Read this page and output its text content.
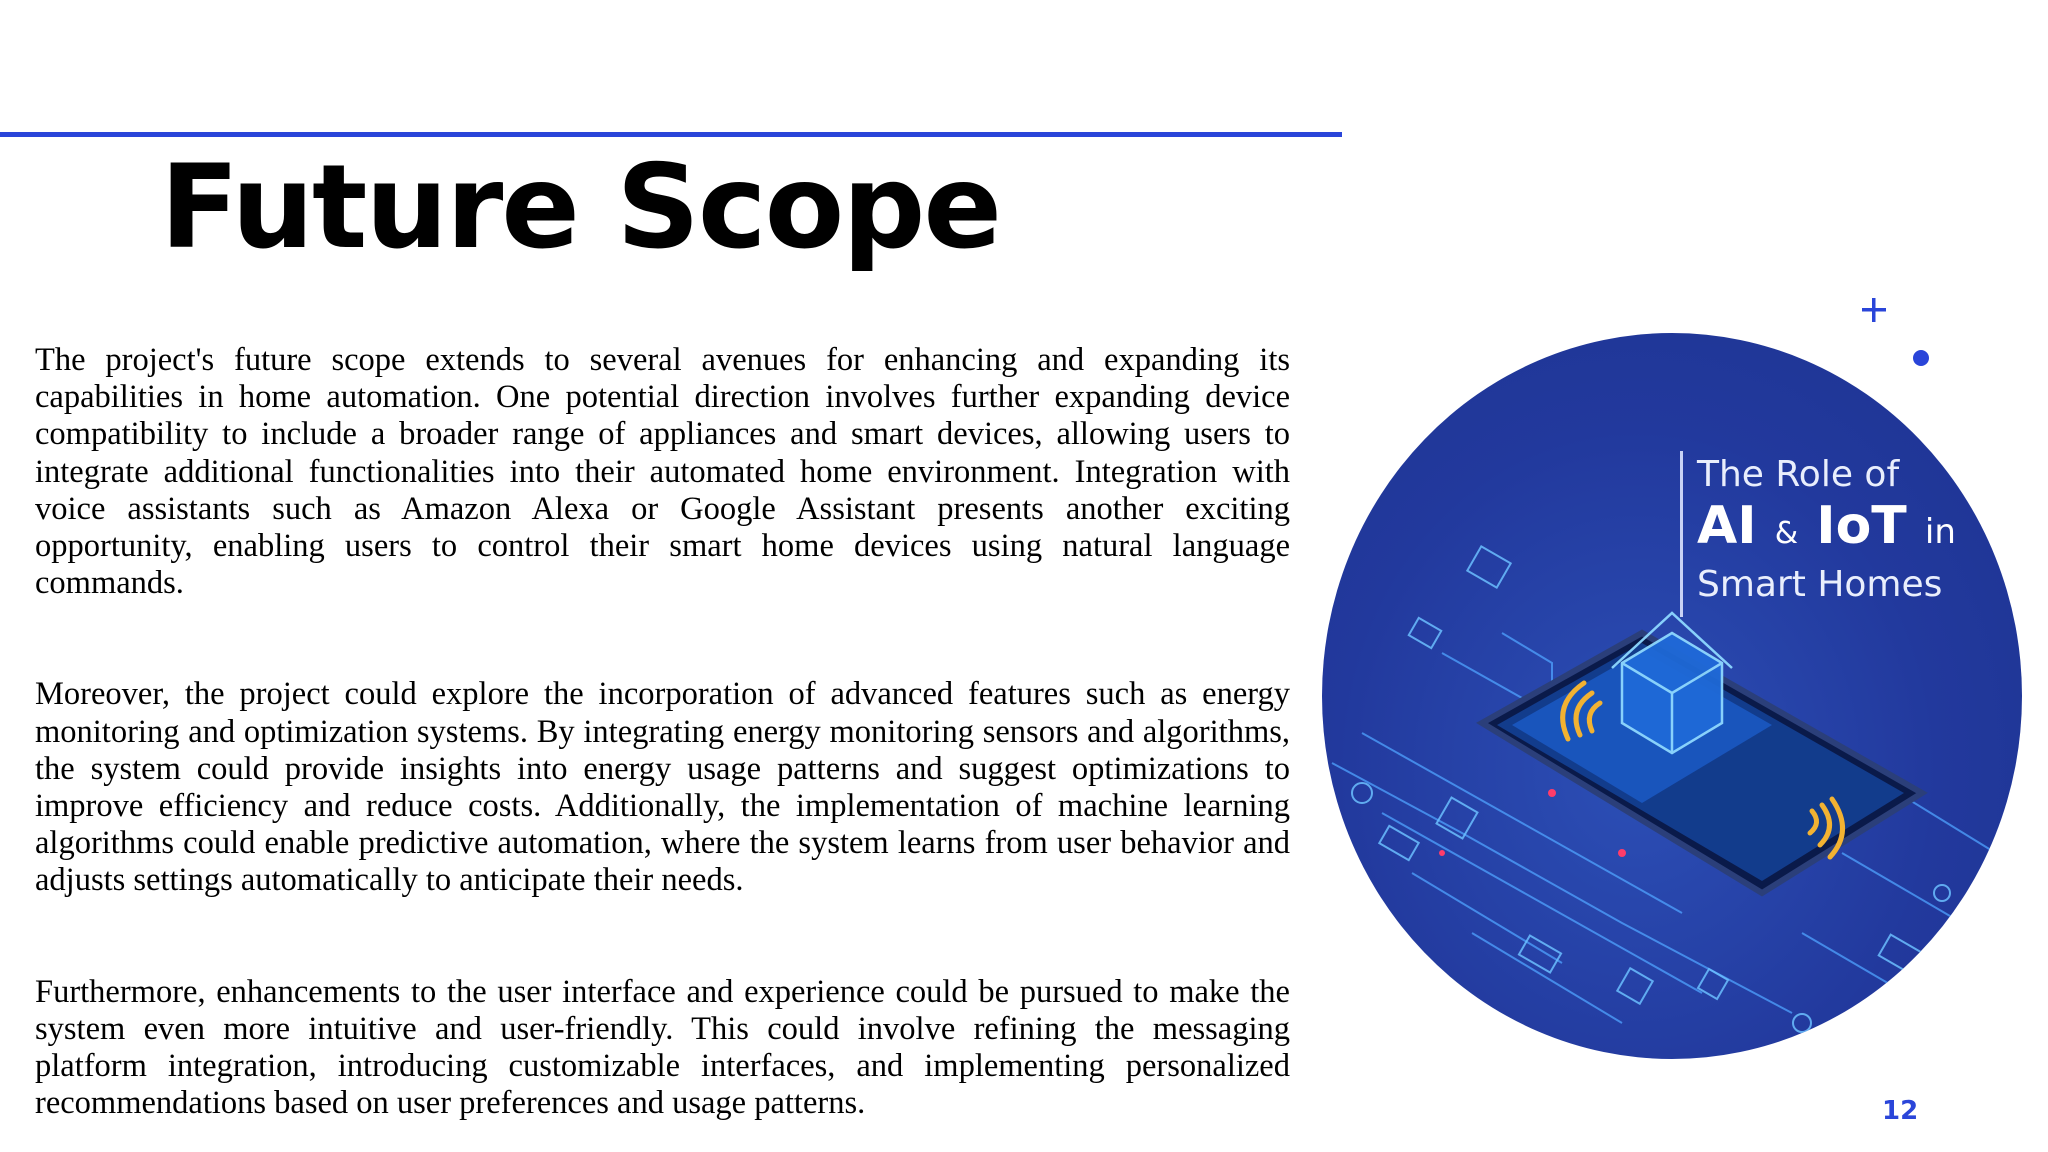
Future Scope

The project's future scope extends to several avenues for enhancing and expanding its capabilities in home automation. One potential direction involves further expanding device compatibility to include a broader range of appliances and smart devices, allowing users to integrate additional functionalities into their automated home environment. Integration with voice assistants such as Amazon Alexa or Google Assistant presents another exciting opportunity, enabling users to control their smart home devices using natural language commands.

Moreover, the project could explore the incorporation of advanced features such as energy monitoring and optimization systems. By integrating energy monitoring sensors and algorithms, the system could provide insights into energy usage patterns and suggest optimizations to improve efficiency and reduce costs. Additionally, the implementation of machine learning algorithms could enable predictive automation, where the system learns from user behavior and adjusts settings automatically to anticipate their needs.

Furthermore, enhancements to the user interface and experience could be pursued to make the system even more intuitive and user-friendly. This could involve refining the messaging platform integration, introducing customizable interfaces, and implementing personalized recommendations based on user preferences and usage patterns.

The Role of
AI & IoT in
Smart Homes
12
